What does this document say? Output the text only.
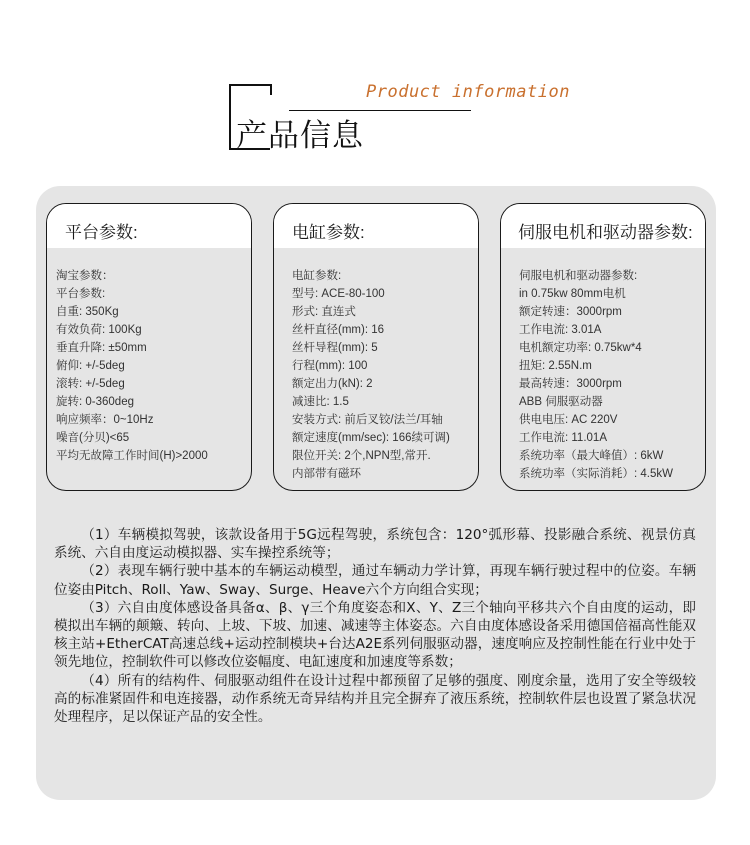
Product information
产品信息
平台参数:
淘宝参数：
平台参数:
自重: 350Kg
有效负荷: 100Kg
垂直升降: ±50mm
俯仰: +/-5deg
滚转: +/-5deg
旋转: 0-360deg
响应频率：0~10Hz
噪音(分贝)<65
平均无故障工作时间(H)>2000
电缸参数:
电缸参数:
型号: ACE-80-100
形式: 直连式
丝杆直径(mm): 16
丝杆导程(mm): 5
行程(mm): 100
额定出力(kN): 2
减速比: 1.5
安装方式: 前后叉铰/法兰/耳轴
额定速度(mm/sec): 166续可调)
限位开关: 2个,NPN型,常开.
内部带有磁环
伺服电机和驱动器参数:
伺服电机和驱动器参数:
in 0.75kw 80mm电机
额定转速：3000rpm
工作电流: 3.01A
电机额定功率: 0.75kw*4
扭矩: 2.55N.m
最高转速：3000rpm
ABB 伺服驱动器
供电电压: AC 220V
工作电流: 11.01A
系统功率（最大峰值）: 6kW
系统功率（实际消耗）: 4.5kW

（1）车辆模拟驾驶，该款设备用于5G远程驾驶，系统包含：120°弧形幕、投影融合系统、视景仿真系统、六自由度运动模拟器、实车操控系统等；

（2）表现车辆行驶中基本的车辆运动模型，通过车辆动力学计算，再现车辆行驶过程中的位姿。车辆位姿由Pitch、Roll、Yaw、Sway、Surge、Heave六个方向组合实现；

（3）六自由度体感设备具备α、β、γ三个角度姿态和X、Y、Z三个轴向平移共六个自由度的运动，即模拟出车辆的颠簸、转向、上坡、下坡、加速、减速等主体姿态。六自由度体感设备采用德国倍福高性能双核主站+EtherCAT高速总线+运动控制模块+台达A2E系列伺服驱动器，速度响应及控制性能在行业中处于领先地位，控制软件可以修改位姿幅度、电缸速度和加速度等系数；

（4）所有的结构件、伺服驱动组件在设计过程中都预留了足够的强度、刚度余量，选用了安全等级较高的标准紧固件和电连接器，动作系统无奇异结构并且完全摒弃了液压系统，控制软件层也设置了紧急状况处理程序，足以保证产品的安全性。
